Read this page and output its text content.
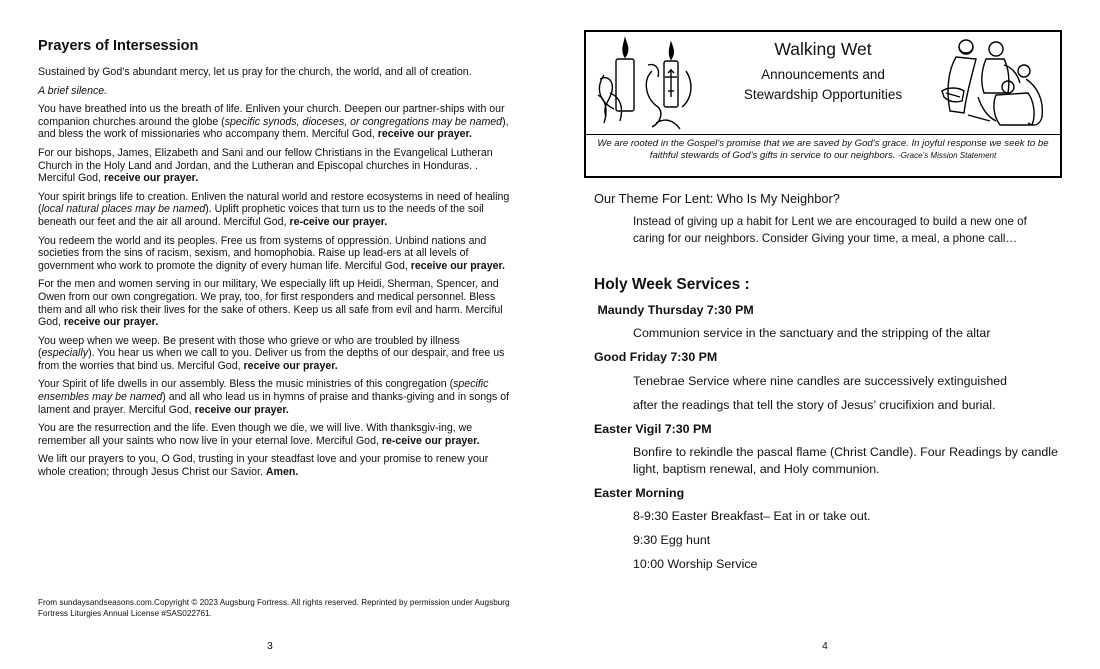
Prayers of Intersession

Sustained by God’s abundant mercy, let us pray for the church, the world, and all of creation.

A brief silence.

You have breathed into us the breath of life. Enliven your church. Deepen our partner-ships with our companion churches around the globe (specific synods, dioceses, or congregations may be named), and bless the work of missionaries who accompany them. Merciful God, receive our prayer.

For our bishops, James, Elizabeth and Sani and our fellow Christians in the Evangelical Lutheran Church in the Holy Land and Jordan, and the Lutheran and Episcopal churches in Honduras. . Merciful God, receive our prayer.

Your spirit brings life to creation. Enliven the natural world and restore ecosystems in need of healing (local natural places may be named). Uplift prophetic voices that turn us to the needs of the soil beneath our feet and the air all around. Merciful God, re-ceive our prayer.

You redeem the world and its peoples. Free us from systems of oppression. Unbind nations and societies from the sins of racism, sexism, and homophobia. Raise up lead-ers at all levels of government who work to promote the dignity of every human life. Merciful God, receive our prayer.

For the men and women serving in our military, We especially lift up Heidi, Sherman, Spencer, and Owen from our own congregation. We pray, too, for first responders and medical personnel. Bless them and all who risk their lives for the sake of others. Keep us all safe from evil and harm. Merciful God, receive our prayer.

You weep when we weep. Be present with those who grieve or who are troubled by illness (especially). You hear us when we call to you. Deliver us from the depths of our despair, and free us from the worries that bind us. Merciful God, receive our prayer.

Your Spirit of life dwells in our assembly. Bless the music ministries of this congregation (specific ensembles may be named) and all who lead us in hymns of praise and thanks-giving and in songs of lament and prayer. Merciful God, receive our prayer.

You are the resurrection and the life. Even though we die, we will live. With thanksgiv-ing, we remember all your saints who now live in your eternal love. Merciful God, re-ceive our prayer.

We lift our prayers to you, O God, trusting in your steadfast love and your promise to renew your whole creation; through Jesus Christ our Savior. Amen.

From sundaysandseasons.com.Copyright © 2023 Augsburg Fortress. All rights reserved. Reprinted by permission under Augsburg Fortress Liturgies Annual License #SAS022761.
3
Walking Wet
Announcements and
Stewardship Opportunities
We are rooted in the Gospel’s promise that we are saved by God’s grace. In joyful response we seek to be faithful stewards of God’s gifts in service to our neighbors. -Grace’s Mission Statement
Our Theme For Lent: Who Is My Neighbor?
Instead of giving up a habit for Lent we are encouraged to build a new one of caring for our neighbors. Consider Giving your time, a meal, a phone call…
Holy Week Services :
Maundy Thursday 7:30 PM
Communion service in the sanctuary and the stripping of the altar
Good Friday 7:30 PM
Tenebrae Service where nine candles are successively extinguished
after the readings that tell the story of Jesus’ crucifixion and burial.
Easter Vigil 7:30 PM
Bonfire to rekindle the pascal flame (Christ Candle). Four Readings by candle light, baptism renewal, and Holy communion.
Easter Morning
8-9:30 Easter Breakfast– Eat in or take out.
9:30 Egg hunt
10:00 Worship Service
4
